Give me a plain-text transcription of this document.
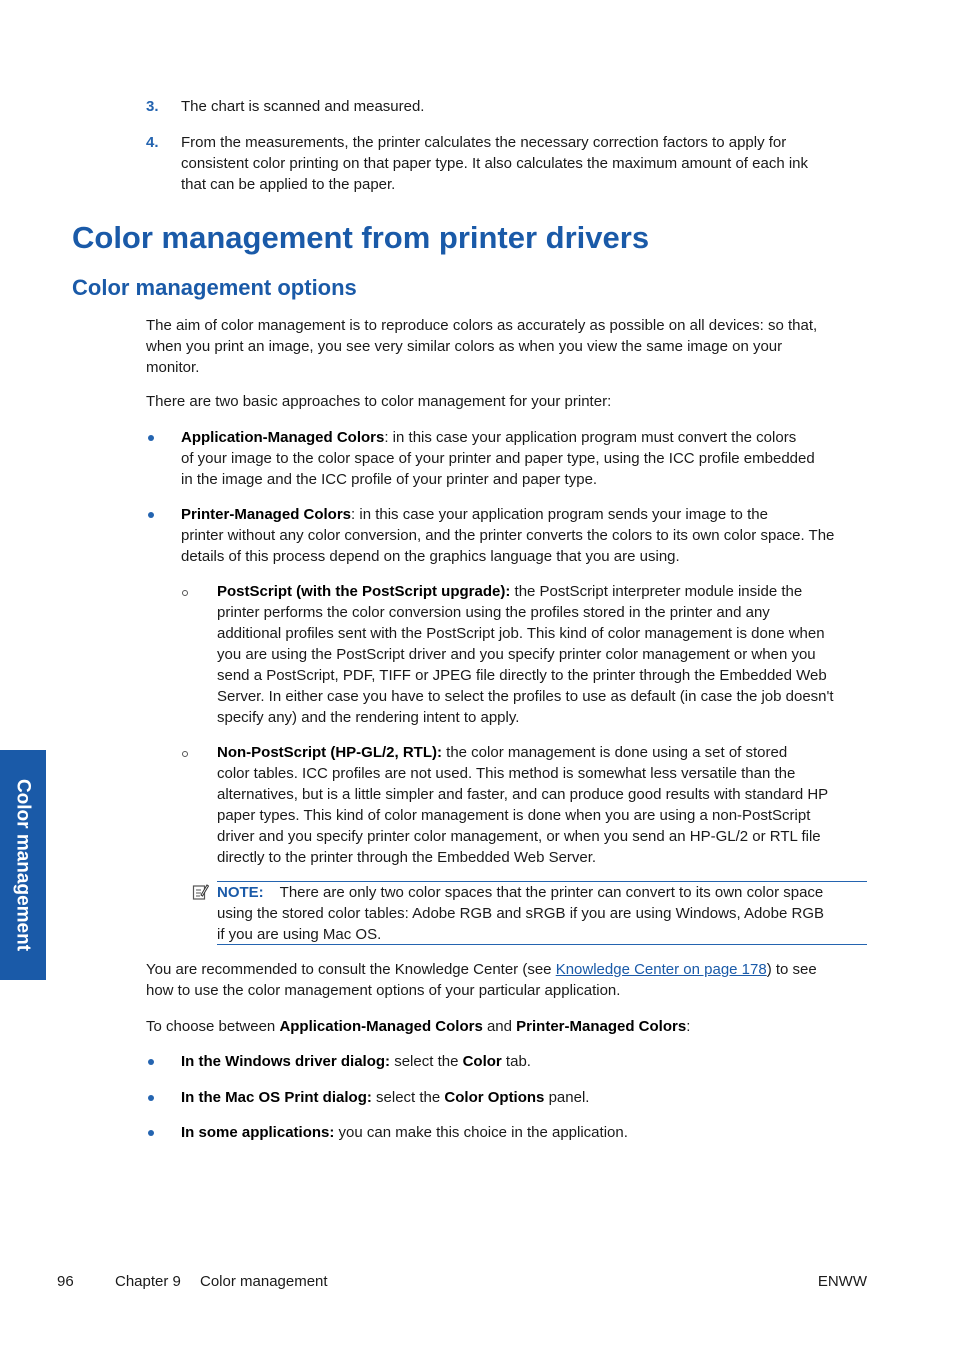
3. The chart is scanned and measured.
4. From the measurements, the printer calculates the necessary correction factors to apply for
consistent color printing on that paper type. It also calculates the maximum amount of each ink
that can be applied to the paper.
Color management from printer drivers
Color management options
The aim of color management is to reproduce colors as accurately as possible on all devices: so that,
when you print an image, you see very similar colors as when you view the same image on your
monitor.
There are two basic approaches to color management for your printer:
Application-Managed Colors: in this case your application program must convert the colors
of your image to the color space of your printer and paper type, using the ICC profile embedded
in the image and the ICC profile of your printer and paper type.
Printer-Managed Colors: in this case your application program sends your image to the
printer without any color conversion, and the printer converts the colors to its own color space. The
details of this process depend on the graphics language that you are using.
PostScript (with the PostScript upgrade): the PostScript interpreter module inside the
printer performs the color conversion using the profiles stored in the printer and any
additional profiles sent with the PostScript job. This kind of color management is done when
you are using the PostScript driver and you specify printer color management or when you
send a PostScript, PDF, TIFF or JPEG file directly to the printer through the Embedded Web
Server. In either case you have to select the profiles to use as default (in case the job doesn't
specify any) and the rendering intent to apply.
Non-PostScript (HP-GL/2, RTL): the color management is done using a set of stored
color tables. ICC profiles are not used. This method is somewhat less versatile than the
alternatives, but is a little simpler and faster, and can produce good results with standard HP
paper types. This kind of color management is done when you are using a non-PostScript
driver and you specify printer color management, or when you send an HP-GL/2 or RTL file
directly to the printer through the Embedded Web Server.
NOTE: There are only two color spaces that the printer can convert to its own color space
using the stored color tables: Adobe RGB and sRGB if you are using Windows, Adobe RGB
if you are using Mac OS.
You are recommended to consult the Knowledge Center (see Knowledge Center on page 178) to see
how to use the color management options of your particular application.
To choose between Application-Managed Colors and Printer-Managed Colors:
In the Windows driver dialog: select the Color tab.
In the Mac OS Print dialog: select the Color Options panel.
In some applications: you can make this choice in the application.
Color management
96	Chapter 9 Color management	ENWW
